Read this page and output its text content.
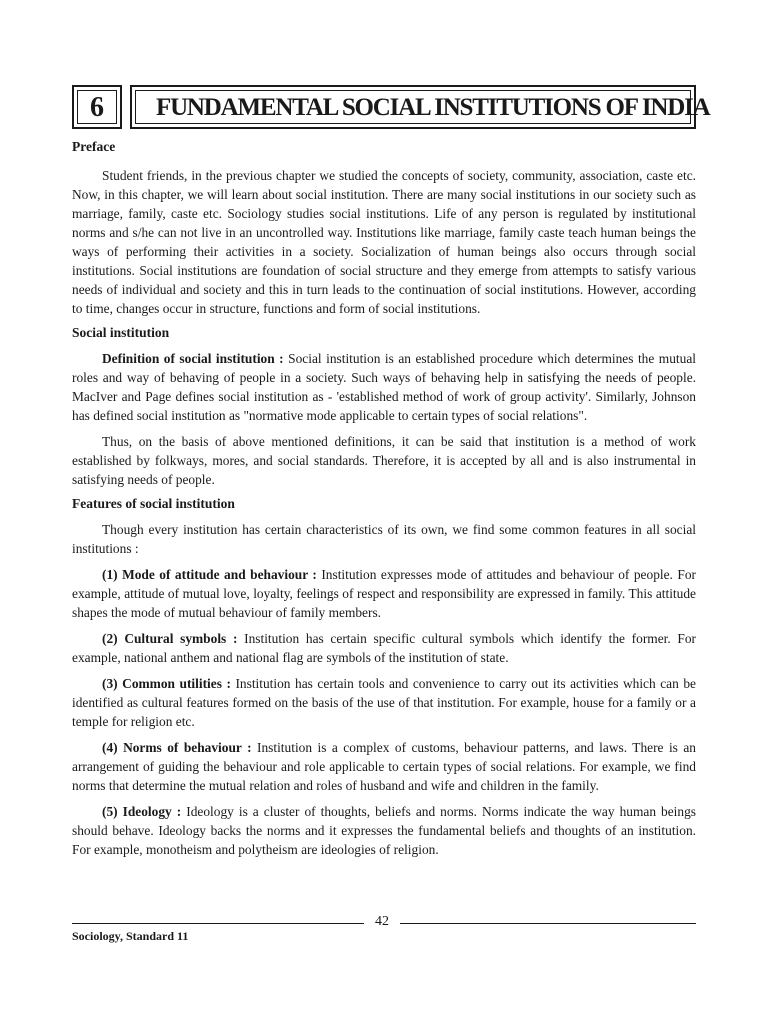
6	FUNDAMENTAL SOCIAL INSTITUTIONS OF INDIA
Preface

Student friends, in the previous chapter we studied the concepts of society, community, association, caste etc. Now, in this chapter, we will learn about social institution. There are many social institutions in our society such as marriage, family, caste etc. Sociology studies social institutions. Life of any person is regulated by institutional norms and s/he can not live in an uncontrolled way. Institutions like marriage, family caste teach human beings the ways of performing their activities in a society. Socialization of human beings also occurs through social institutions. Social institutions are foundation of social structure and they emerge from attempts to satisfy various needs of individual and society and this in turn leads to the continuation of social institutions. However, according to time, changes occur in structure, functions and form of social institutions.

Social institution

Definition of social institution : Social institution is an established procedure which determines the mutual roles and way of behaving of people in a society. Such ways of behaving help in satisfying the needs of people. MacIver and Page defines social institution as - 'established method of work of group activity'. Similarly, Johnson has defined social institution as "normative mode applicable to certain types of social relations".

Thus, on the basis of above mentioned definitions, it can be said that institution is a method of work established by folkways, mores, and social standards. Therefore, it is accepted by all and is also instrumental in satisfying needs of people.

Features of social institution

Though every institution has certain characteristics of its own, we find some common features in all social institutions :

(1) Mode of attitude and behaviour : Institution expresses mode of attitudes and behaviour of people. For example, attitude of mutual love, loyalty, feelings of respect and responsibility are expressed in family. This attitude shapes the mode of mutual behaviour of family members.

(2) Cultural symbols : Institution has certain specific cultural symbols which identify the former. For example, national anthem and national flag are symbols of the institution of state.

(3) Common utilities : Institution has certain tools and convenience to carry out its activities which can be identified as cultural features formed on the basis of the use of that institution. For example, house for a family or a temple for religion etc.

(4) Norms of behaviour : Institution is a complex of customs, behaviour patterns, and laws. There is an arrangement of guiding the behaviour and role applicable to certain types of social relations. For example, we find norms that determine the mutual relation and roles of husband and wife and children in the family.

(5) Ideology : Ideology is a cluster of thoughts, beliefs and norms. Norms indicate the way human beings should behave. Ideology backs the norms and it expresses the fundamental beliefs and thoughts of an institution. For example, monotheism and polytheism are ideologies of religion.

42
Sociology, Standard 11
